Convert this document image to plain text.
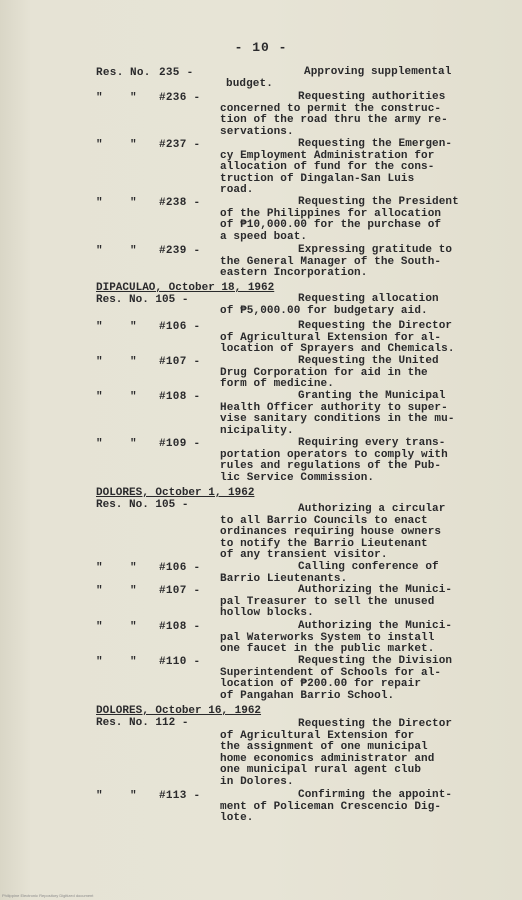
- 10 -
Res. No. 235 -	Approving supplemental
budget.
" " #236 -	Requesting authorities
concerned to permit the construc-
tion of the road thru the army re-
servations.
" " #237 -	Requesting the Emergen-
cy Employment Administration for
allocation of fund for the cons-
truction of Dingalan-San Luis
road.
" " #238 -	Requesting the President
of the Philippines for allocation
of ₱10,000.00 for the purchase of
a speed boat.
" " #239 -	Expressing gratitude to
the General Manager of the South-
eastern Incorporation.
DIPACULAO, October 18, 1962
Res. No. 105 -	Requesting allocation
of ₱5,000.00 for budgetary aid.
" " #106 -	Requesting the Director
of Agricultural Extension for al-
location of Sprayers and Chemicals.
" " #107 -	Requesting the United
Drug Corporation for aid in the
form of medicine.
" " #108 -	Granting the Municipal
Health Officer authority to super-
vise sanitary conditions in the mu-
nicipality.
" " #109 -	Requiring every trans-
portation operators to comply with
rules and regulations of the Pub-
lic Service Commission.
DOLORES, October 1, 1962
Res. No. 105 -	Authorizing a circular
to all Barrio Councils to enact
ordinances requiring house owners
to notify the Barrio Lieutenant
of any transient visitor.
" " #106 -	Calling conference of
Barrio Lieutenants.
" " #107 -	Authorizing the Munici-
pal Treasurer to sell the unused
hollow blocks.
" " #108 -	Authorizing the Munici-
pal Waterworks System to install
one faucet in the public market.
" " #110 -	Requesting the Division
Superintendent of Schools for al-
location of ₱200.00 for repair
of Pangahan Barrio School.
DOLORES, October 16, 1962
Res. No. 112 -	Requesting the Director
of Agricultural Extension for
the assignment of one municipal
home economics administrator and
one municipal rural agent club
in Dolores.
" " #113 -	Confirming the appoint-
ment of Policeman Crescencio Dig-
lote.
Philippine Electronic Repository Digitized document
